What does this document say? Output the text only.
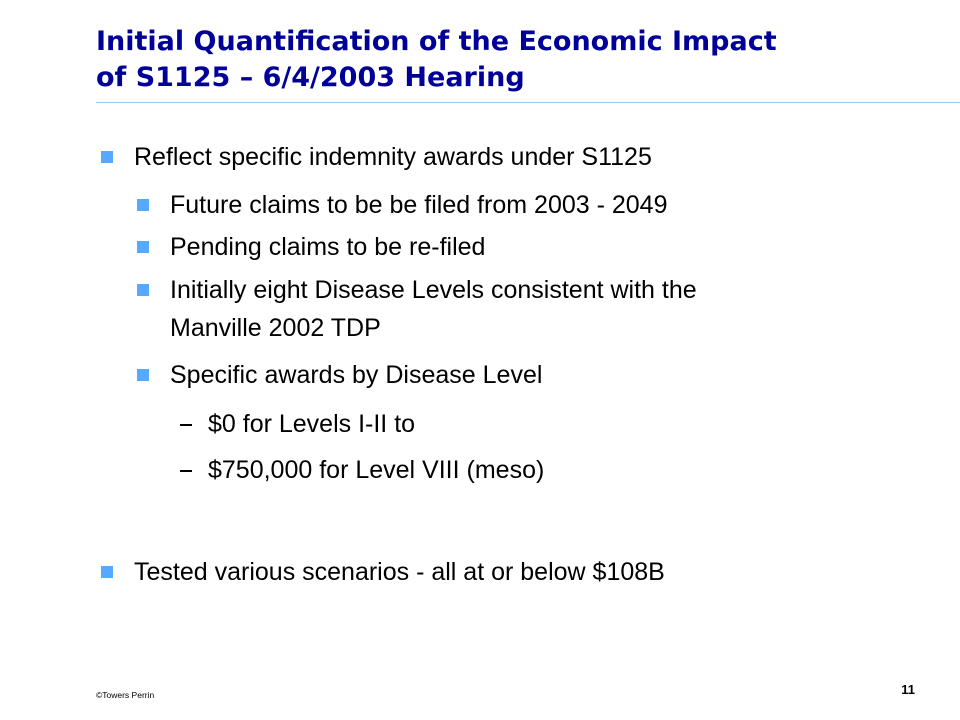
Initial Quantification of the Economic Impact
of S1125 – 6/4/2003 Hearing
Reflect specific indemnity awards under S1125
Future claims to be be filed from 2003 - 2049
Pending claims to be re-filed
Initially eight Disease Levels consistent with the
Manville 2002 TDP
Specific awards by Disease Level
$0 for Levels I-II to
$750,000 for Level VIII (meso)
Tested various scenarios - all at or below $108B
©Towers Perrin	11
